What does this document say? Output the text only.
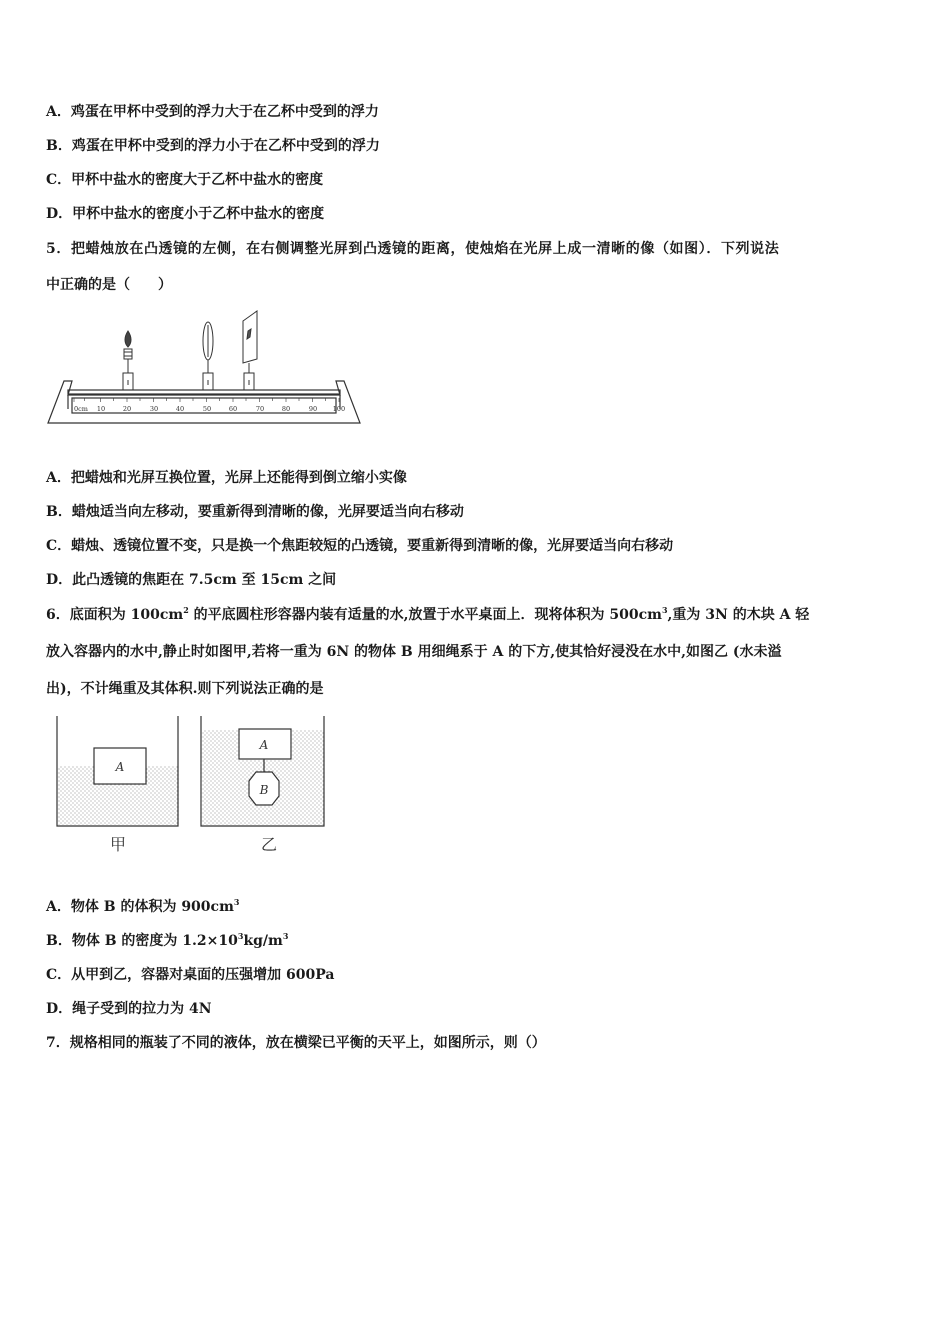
A．鸡蛋在甲杯中受到的浮力大于在乙杯中受到的浮力
B．鸡蛋在甲杯中受到的浮力小于在乙杯中受到的浮力
C．甲杯中盐水的密度大于乙杯中盐水的密度
D．甲杯中盐水的密度小于乙杯中盐水的密度
5．把蜡烛放在凸透镜的左侧，在右侧调整光屏到凸透镜的距离，使烛焰在光屏上成一清晰的像（如图）．下列说法
中正确的是（　　）
0cm 10	20	30	40	50	60	70	80	90 100
A．把蜡烛和光屏互换位置，光屏上还能得到倒立缩小实像
B．蜡烛适当向左移动，要重新得到清晰的像，光屏要适当向右移动
C．蜡烛、透镜位置不变，只是换一个焦距较短的凸透镜，要重新得到清晰的像，光屏要适当向右移动
D．此凸透镜的焦距在 7.5cm 至 15cm 之间
6．底面积为 $100cm^2$ 的平底圆柱形容器内装有适量的水,放置于水平桌面上．现将体积为 $500cm^3$,重为 3N 的木块 A 轻
放入容器内的水中,静止时如图甲,若将一重为 6N 的物体 B 用细绳系于 A 的下方,使其恰好浸没在水中,如图乙 (水未溢
出)，不计绳重及其体积.则下列说法正确的是
A
甲
A
B
乙
A．物体 B 的体积为 $900cm^3$
B．物体 B 的密度为 $1.2\times 10^3kg/m^3$
C．从甲到乙，容器对桌面的压强增加 600Pa
D．绳子受到的拉力为 4N
7．规格相同的瓶装了不同的液体，放在横梁已平衡的天平上，如图所示，则（）
